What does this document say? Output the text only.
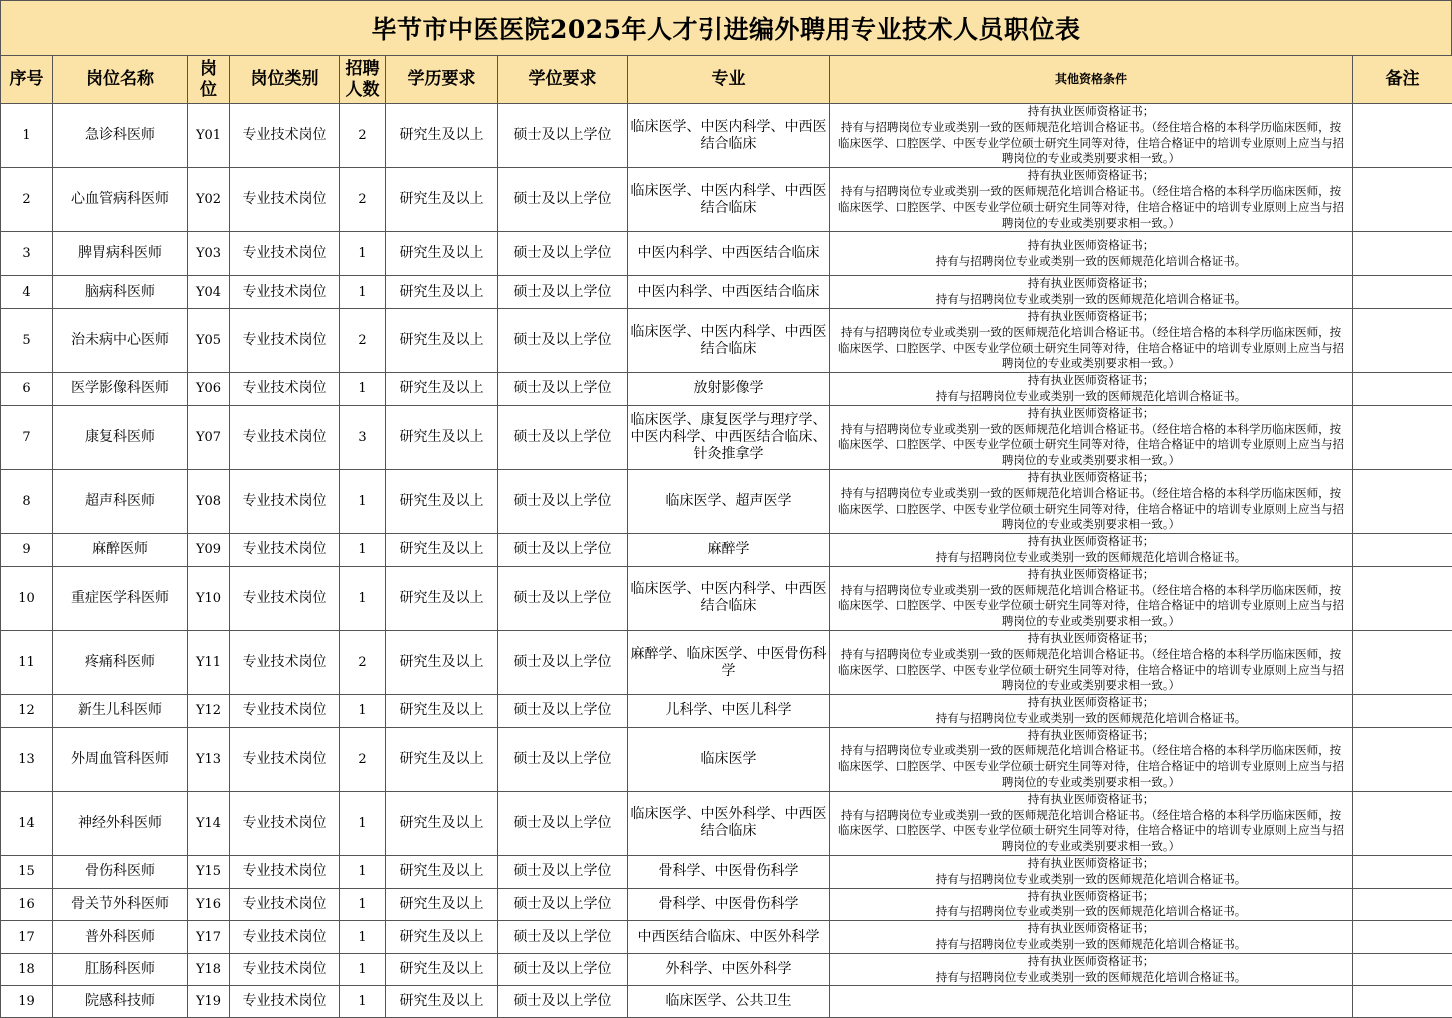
毕节市中医医院2025年人才引进编外聘用专业技术人员职位表
序号	岗位名称	岗位	岗位类别	招聘人数	学历要求	学位要求	专业	其他资格条件	备注
1	急诊科医师	Y01	专业技术岗位	2	研究生及以上	硕士及以上学位	临床医学、中医内科学、中西医结合临床	持有执业医师资格证书；
持有与招聘岗位专业或类别一致的医师规范化培训合格证书。（经住培合格的本科学历临床医师，按临床医学、口腔医学、中医专业学位硕士研究生同等对待，住培合格证中的培训专业原则上应当与招聘岗位的专业或类别要求相一致。）	
2	心血管病科医师	Y02	专业技术岗位	2	研究生及以上	硕士及以上学位	临床医学、中医内科学、中西医结合临床	持有执业医师资格证书；
持有与招聘岗位专业或类别一致的医师规范化培训合格证书。（经住培合格的本科学历临床医师，按临床医学、口腔医学、中医专业学位硕士研究生同等对待，住培合格证中的培训专业原则上应当与招聘岗位的专业或类别要求相一致。）	
3	脾胃病科医师	Y03	专业技术岗位	1	研究生及以上	硕士及以上学位	中医内科学、中西医结合临床	持有执业医师资格证书；
持有与招聘岗位专业或类别一致的医师规范化培训合格证书。	
4	脑病科医师	Y04	专业技术岗位	1	研究生及以上	硕士及以上学位	中医内科学、中西医结合临床	持有执业医师资格证书；
持有与招聘岗位专业或类别一致的医师规范化培训合格证书。	
5	治未病中心医师	Y05	专业技术岗位	2	研究生及以上	硕士及以上学位	临床医学、中医内科学、中西医结合临床	持有执业医师资格证书；
持有与招聘岗位专业或类别一致的医师规范化培训合格证书。（经住培合格的本科学历临床医师，按临床医学、口腔医学、中医专业学位硕士研究生同等对待，住培合格证中的培训专业原则上应当与招聘岗位的专业或类别要求相一致。）	
6	医学影像科医师	Y06	专业技术岗位	1	研究生及以上	硕士及以上学位	放射影像学	持有执业医师资格证书；
持有与招聘岗位专业或类别一致的医师规范化培训合格证书。	
7	康复科医师	Y07	专业技术岗位	3	研究生及以上	硕士及以上学位	临床医学、康复医学与理疗学、中医内科学、中西医结合临床、针灸推拿学	持有执业医师资格证书；
持有与招聘岗位专业或类别一致的医师规范化培训合格证书。（经住培合格的本科学历临床医师，按临床医学、口腔医学、中医专业学位硕士研究生同等对待，住培合格证中的培训专业原则上应当与招聘岗位的专业或类别要求相一致。）	
8	超声科医师	Y08	专业技术岗位	1	研究生及以上	硕士及以上学位	临床医学、超声医学	持有执业医师资格证书；
持有与招聘岗位专业或类别一致的医师规范化培训合格证书。（经住培合格的本科学历临床医师，按临床医学、口腔医学、中医专业学位硕士研究生同等对待，住培合格证中的培训专业原则上应当与招聘岗位的专业或类别要求相一致。）	
9	麻醉医师	Y09	专业技术岗位	1	研究生及以上	硕士及以上学位	麻醉学	持有执业医师资格证书；
持有与招聘岗位专业或类别一致的医师规范化培训合格证书。	
10	重症医学科医师	Y10	专业技术岗位	1	研究生及以上	硕士及以上学位	临床医学、中医内科学、中西医结合临床	持有执业医师资格证书；
持有与招聘岗位专业或类别一致的医师规范化培训合格证书。（经住培合格的本科学历临床医师，按临床医学、口腔医学、中医专业学位硕士研究生同等对待，住培合格证中的培训专业原则上应当与招聘岗位的专业或类别要求相一致。）	
11	疼痛科医师	Y11	专业技术岗位	2	研究生及以上	硕士及以上学位	麻醉学、临床医学、中医骨伤科学	持有执业医师资格证书；
持有与招聘岗位专业或类别一致的医师规范化培训合格证书。（经住培合格的本科学历临床医师，按临床医学、口腔医学、中医专业学位硕士研究生同等对待，住培合格证中的培训专业原则上应当与招聘岗位的专业或类别要求相一致。）	
12	新生儿科医师	Y12	专业技术岗位	1	研究生及以上	硕士及以上学位	儿科学、中医儿科学	持有执业医师资格证书；
持有与招聘岗位专业或类别一致的医师规范化培训合格证书。	
13	外周血管科医师	Y13	专业技术岗位	2	研究生及以上	硕士及以上学位	临床医学	持有执业医师资格证书；
持有与招聘岗位专业或类别一致的医师规范化培训合格证书。（经住培合格的本科学历临床医师，按临床医学、口腔医学、中医专业学位硕士研究生同等对待，住培合格证中的培训专业原则上应当与招聘岗位的专业或类别要求相一致。）	
14	神经外科医师	Y14	专业技术岗位	1	研究生及以上	硕士及以上学位	临床医学、中医外科学、中西医结合临床	持有执业医师资格证书；
持有与招聘岗位专业或类别一致的医师规范化培训合格证书。（经住培合格的本科学历临床医师，按临床医学、口腔医学、中医专业学位硕士研究生同等对待，住培合格证中的培训专业原则上应当与招聘岗位的专业或类别要求相一致。）	
15	骨伤科医师	Y15	专业技术岗位	1	研究生及以上	硕士及以上学位	骨科学、中医骨伤科学	持有执业医师资格证书；
持有与招聘岗位专业或类别一致的医师规范化培训合格证书。	
16	骨关节外科医师	Y16	专业技术岗位	1	研究生及以上	硕士及以上学位	骨科学、中医骨伤科学	持有执业医师资格证书；
持有与招聘岗位专业或类别一致的医师规范化培训合格证书。	
17	普外科医师	Y17	专业技术岗位	1	研究生及以上	硕士及以上学位	中西医结合临床、中医外科学	持有执业医师资格证书；
持有与招聘岗位专业或类别一致的医师规范化培训合格证书。	
18	肛肠科医师	Y18	专业技术岗位	1	研究生及以上	硕士及以上学位	外科学、中医外科学	持有执业医师资格证书；
持有与招聘岗位专业或类别一致的医师规范化培训合格证书。	
19	院感科技师	Y19	专业技术岗位	1	研究生及以上	硕士及以上学位	临床医学、公共卫生		
